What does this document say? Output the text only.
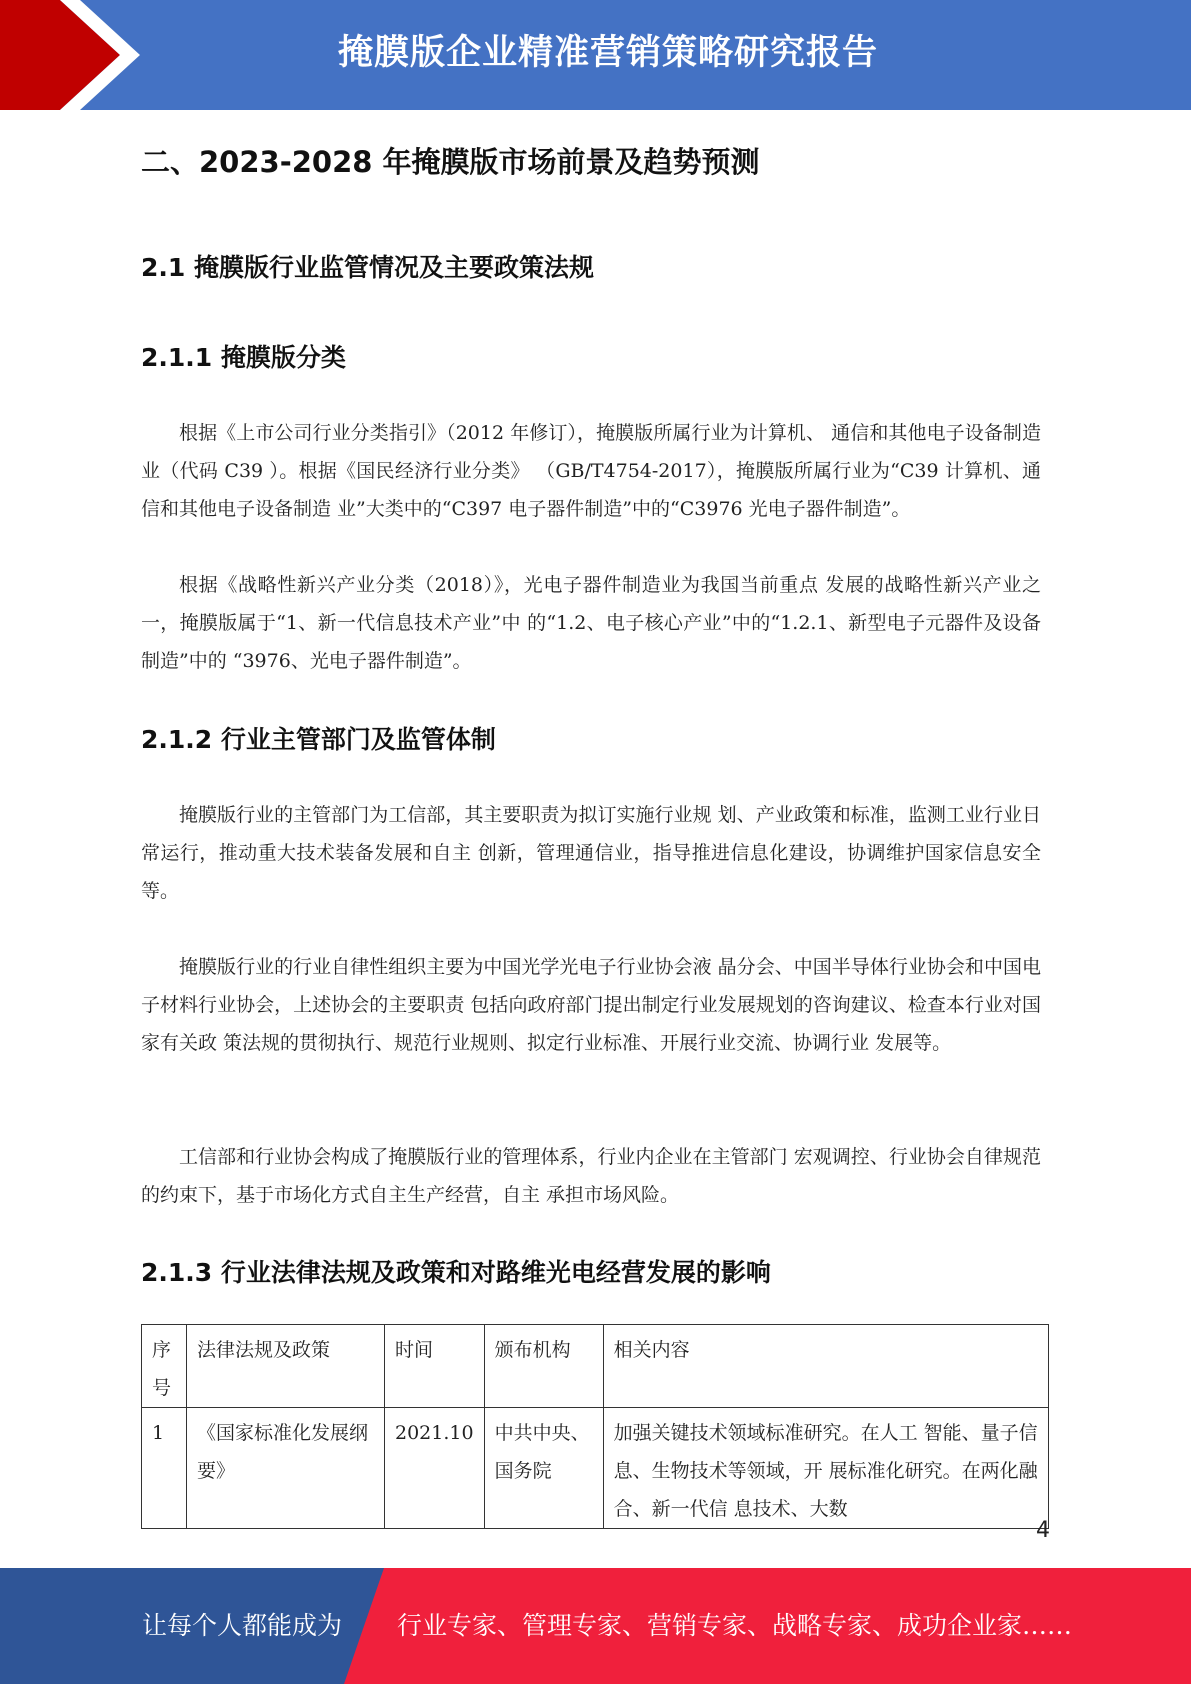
掩膜版企业精准营销策略研究报告
二、2023-2028 年掩膜版市场前景及趋势预测
2.1 掩膜版行业监管情况及主要政策法规
2.1.1 掩膜版分类

根据《上市公司行业分类指引》（2012 年修订），掩膜版所属行业为计算机、 通信和其他电子设备制造业（代码 C39 ）。根据《国民经济行业分类》 （GB/T4754-2017），掩膜版所属行业为“C39 计算机、通信和其他电子设备制造 业”大类中的“C397 电子器件制造”中的“C3976 光电子器件制造”。

根据《战略性新兴产业分类（2018）》，光电子器件制造业为我国当前重点 发展的战略性新兴产业之一，掩膜版属于“1、新一代信息技术产业”中 的“1.2、电子核心产业”中的“1.2.1、新型电子元器件及设备制造”中的 “3976、光电子器件制造”。

2.1.2 行业主管部门及监管体制

掩膜版行业的主管部门为工信部，其主要职责为拟订实施行业规 划、产业政策和标准，监测工业行业日常运行，推动重大技术装备发展和自主 创新，管理通信业，指导推进信息化建设，协调维护国家信息安全等。

掩膜版行业的行业自律性组织主要为中国光学光电子行业协会液 晶分会、中国半导体行业协会和中国电子材料行业协会，上述协会的主要职责 包括向政府部门提出制定行业发展规划的咨询建议、检查本行业对国家有关政 策法规的贯彻执行、规范行业规则、拟定行业标准、开展行业交流、协调行业 发展等。

工信部和行业协会构成了掩膜版行业的管理体系，行业内企业在主管部门 宏观调控、行业协会自律规范的约束下，基于市场化方式自主生产经营，自主 承担市场风险。

2.1.3 行业法律法规及政策和对路维光电经营发展的影响
序号	法律法规及政策	时间	颁布机构	相关内容
1	《国家标准化发展纲要》	2021.10	中共中央、国务院	加强关键技术领域标准研究。在人工 智能、量子信息、生物技术等领域，开 展标准化研究。在两化融合、新一代信 息技术、大数
4
让每个人都能成为 行业专家、管理专家、营销专家、战略专家、成功企业家……
